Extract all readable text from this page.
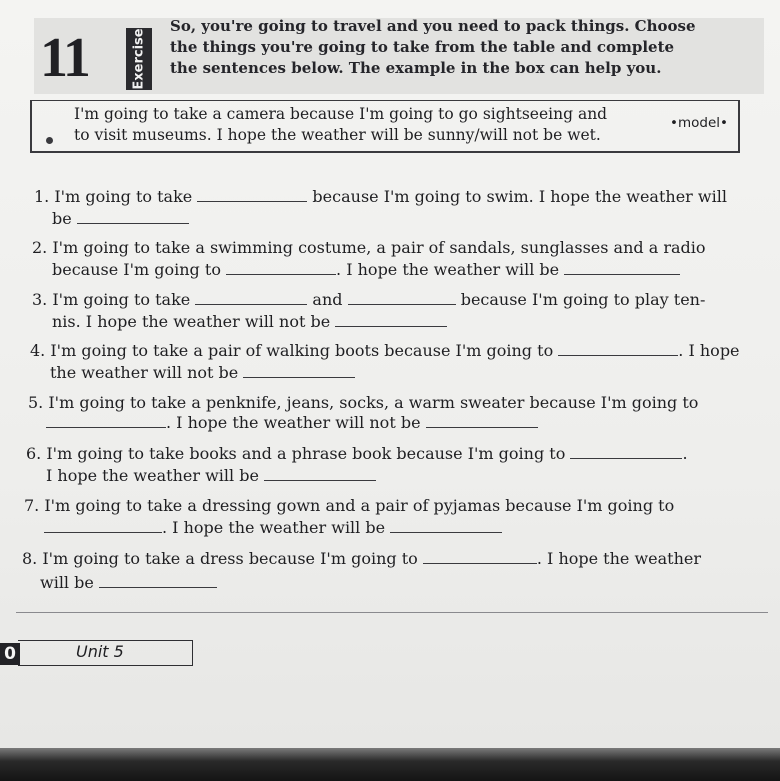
11	Exercise
So, you're going to travel and you need to pack things. Choose
the things you're going to take from the table and complete
the sentences below. The example in the box can help you.
I'm going to take a camera because I'm going to go sightseeing and
to visit museums. I hope the weather will be sunny/will not be wet.
•model•
1. I'm going to take	because I'm going to swim. I hope the weather will
be
2. I'm going to take a swimming costume, a pair of sandals, sunglasses and a radio
because I'm going to	. I hope the weather will be
3. I'm going to take	and	because I'm going to play ten-
nis. I hope the weather will not be
4. I'm going to take a pair of walking boots because I'm going to	. I hope
the weather will not be
5. I'm going to take a penknife, jeans, socks, a warm sweater because I'm going to
. I hope the weather will not be
6. I'm going to take books and a phrase book because I'm going to	.
I hope the weather will be
7. I'm going to take a dressing gown and a pair of pyjamas because I'm going to
. I hope the weather will be
8. I'm going to take a dress because I'm going to	. I hope the weather
will be
0	Unit 5
